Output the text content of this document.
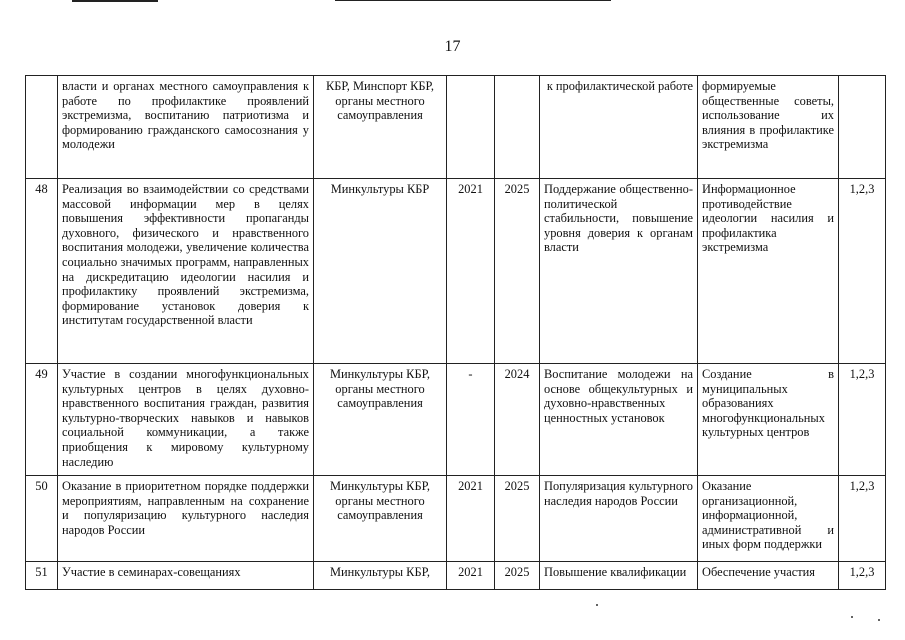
17
	власти и органах местного самоуправления к работе по профилактике проявлений экстремизма, воспитанию патриотизма и формированию гражданского самосознания у молодежи	КБР, Минспорт КБР, органы местного самоуправления			к профилактической работе	формируемые общественные советы, использование их влияния в профилактике экстремизма	
48	Реализация во взаимодействии со средствами массовой информации мер в целях повышения эффективности пропаганды духовного, физического и нравственного воспитания молодежи, увеличение количества социально значимых программ, направленных на дискредитацию идеологии насилия и профилактику проявлений экстремизма, формирование установок доверия к институтам государственной власти	Минкультуры КБР	2021	2025	Поддержание общественно-политической стабильности, повышение уровня доверия к органам власти	Информационное противодействие идеологии насилия и профилактика экстремизма	1,2,3
49	Участие в создании многофункциональных культурных центров в целях духовно-нравственного воспитания граждан, развития культурно-творческих навыков и навыков социальной коммуникации, а также приобщения к мировому культурному наследию	Минкультуры КБР, органы местного самоуправления	-	2024	Воспитание молодежи на основе общекультурных и духовно-нравственных ценностных установок	Создание в муниципальных образованиях многофункциональных культурных центров	1,2,3
50	Оказание в приоритетном порядке поддержки мероприятиям, направленным на сохранение и популяризацию культурного наследия народов России	Минкультуры КБР, органы местного самоуправления	2021	2025	Популяризация культурного наследия народов России	Оказание организационной, информационной, административной и иных форм поддержки	1,2,3
51	Участие в семинарах-совещаниях	Минкультуры КБР,	2021	2025	Повышение квалификации	Обеспечение участия	1,2,3
